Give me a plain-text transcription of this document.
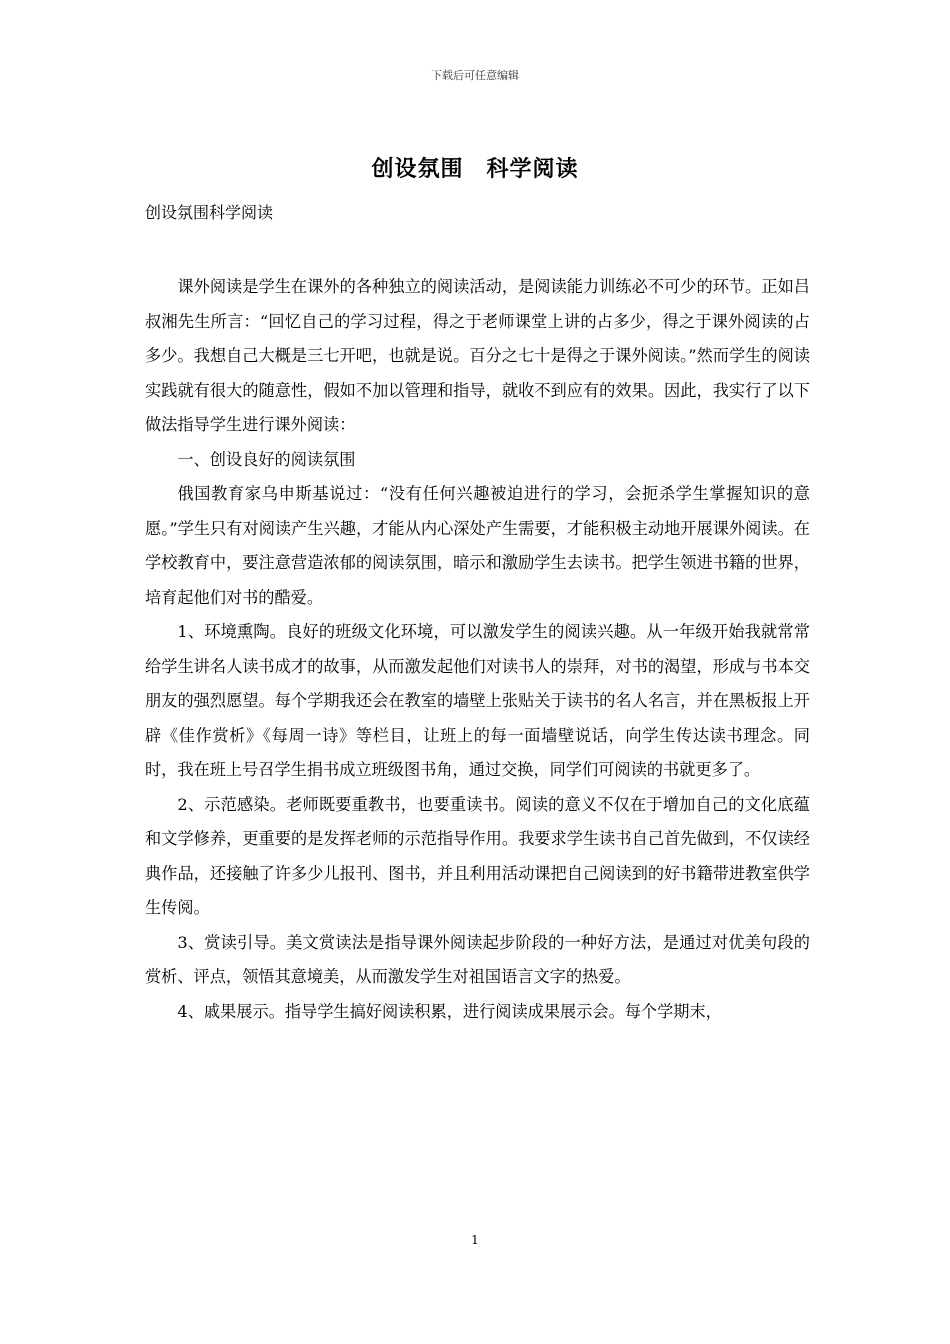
下载后可任意编辑
创设氛围　科学阅读
创设氛围科学阅读

课外阅读是学生在课外的各种独立的阅读活动，是阅读能力训练必不可少的环节。正如吕叔湘先生所言：“回忆自己的学习过程，得之于老师课堂上讲的占多少，得之于课外阅读的占多少。我想自己大概是三七开吧，也就是说。百分之七十是得之于课外阅读。”然而学生的阅读实践就有很大的随意性，假如不加以管理和指导，就收不到应有的效果。因此，我实行了以下做法指导学生进行课外阅读：

一、创设良好的阅读氛围

俄国教育家乌申斯基说过：“没有任何兴趣被迫进行的学习，会扼杀学生掌握知识的意愿。”学生只有对阅读产生兴趣，才能从内心深处产生需要，才能积极主动地开展课外阅读。在学校教育中，要注意营造浓郁的阅读氛围，暗示和激励学生去读书。把学生领进书籍的世界，培育起他们对书的酷爱。

1、环境熏陶。良好的班级文化环境，可以激发学生的阅读兴趣。从一年级开始我就常常给学生讲名人读书成才的故事，从而激发起他们对读书人的崇拜，对书的渴望，形成与书本交朋友的强烈愿望。每个学期我还会在教室的墙壁上张贴关于读书的名人名言，并在黑板报上开辟《佳作赏析》《每周一诗》等栏目，让班上的每一面墙壁说话，向学生传达读书理念。同时，我在班上号召学生捐书成立班级图书角，通过交换，同学们可阅读的书就更多了。

2、示范感染。老师既要重教书，也要重读书。阅读的意义不仅在于增加自己的文化底蕴和文学修养，更重要的是发挥老师的示范指导作用。我要求学生读书自己首先做到，不仅读经典作品，还接触了许多少儿报刊、图书，并且利用活动课把自己阅读到的好书籍带进教室供学生传阅。

3、赏读引导。美文赏读法是指导课外阅读起步阶段的一种好方法，是通过对优美句段的赏析、评点，领悟其意境美，从而激发学生对祖国语言文字的热爱。

4、戚果展示。指导学生搞好阅读积累，进行阅读成果展示会。每个学期末，

1
